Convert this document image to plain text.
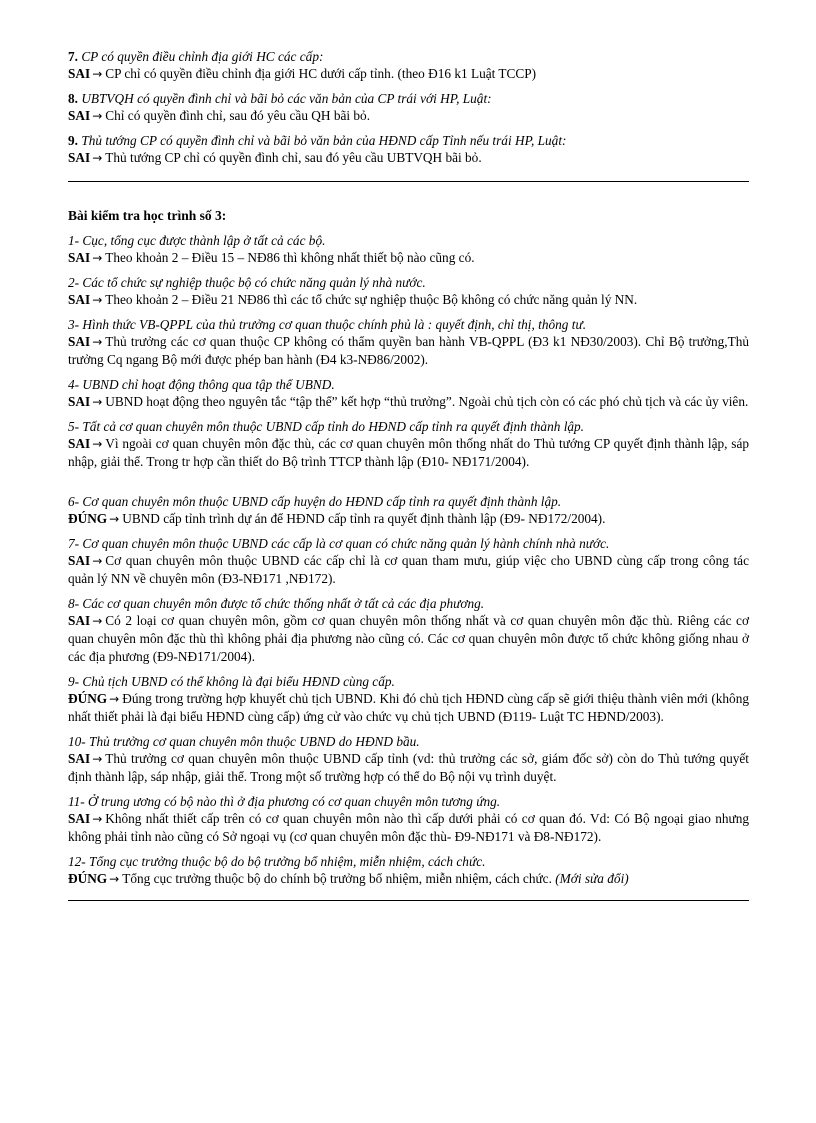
7. CP có quyền điều chỉnh địa giới HC các cấp:
SAI → CP chỉ có quyền điều chỉnh địa giới HC dưới cấp tỉnh. (theo Đ16 k1 Luật TCCP)
8. UBTVQH có quyền đình chỉ và bãi bỏ các văn bản của CP trái với HP, Luật:
SAI → Chỉ có quyền đình chỉ, sau đó yêu cầu QH bãi bỏ.
9. Thủ tướng CP có quyền đình chỉ và bãi bỏ văn bản của HĐND cấp Tỉnh nếu trái HP, Luật:
SAI → Thủ tướng CP chỉ có quyền đình chỉ, sau đó yêu cầu UBTVQH bãi bỏ.
Bài kiểm tra học trình số 3:
1- Cục, tổng cục được thành lập ở tất cả các bộ.
SAI → Theo khoản 2 – Điều 15 – NĐ86 thì không nhất thiết bộ nào cũng có.
2- Các tổ chức sự nghiệp thuộc bộ có chức năng quản lý nhà nước.
SAI → Theo khoản 2 – Điều 21 NĐ86 thì các tổ chức sự nghiệp thuộc Bộ không có chức năng quản lý NN.
3- Hình thức VB-QPPL của thủ trưởng cơ quan thuộc chính phủ là : quyết định, chỉ thị, thông tư.
SAI → Thủ trưởng các cơ quan thuộc CP không có thẩm quyền ban hành VB-QPPL (Đ3 k1 NĐ30/2003). Chỉ Bộ trưởng,Thủ trưởng Cq ngang Bộ mới được phép ban hành (Đ4 k3-NĐ86/2002).
4- UBND chỉ hoạt động thông qua tập thể UBND.
SAI → UBND hoạt động theo nguyên tắc “tập thể” kết hợp “thủ trưởng”. Ngoài chủ tịch còn có các phó chủ tịch và các ủy viên.
5- Tất cả cơ quan chuyên môn thuộc UBND cấp tỉnh do HĐND cấp tỉnh ra quyết định thành lập.
SAI → Vì ngoài cơ quan chuyên môn đặc thù, các cơ quan chuyên môn thống nhất do Thủ tướng CP quyết định thành lập, sáp nhập, giải thể. Trong tr hợp cần thiết do Bộ trình TTCP thành lập (Đ10- NĐ171/2004).
6- Cơ quan chuyên môn thuộc UBND cấp huyện do HĐND cấp tỉnh ra quyết định thành lập.
ĐÚNG → UBND cấp tỉnh trình dự án để HĐND cấp tỉnh ra quyết định thành lập (Đ9- NĐ172/2004).
7- Cơ quan chuyên môn thuộc UBND các cấp là cơ quan có chức năng quản lý hành chính nhà nước.
SAI → Cơ quan chuyên môn thuộc UBND các cấp chỉ là cơ quan tham mưu, giúp việc cho UBND cùng cấp trong công tác quản lý NN về chuyên môn (Đ3-NĐ171 ,NĐ172).
8- Các cơ quan chuyên môn được tổ chức thống nhất ở tất cả các địa phương.
SAI → Có 2 loại cơ quan chuyên môn, gồm cơ quan chuyên môn thống nhất và cơ quan chuyên môn đặc thù. Riêng các cơ quan chuyên môn đặc thù thì không phải địa phương nào cũng có. Các cơ quan chuyên môn được tổ chức không giống nhau ở các địa phương (Đ9-NĐ171/2004).
9- Chủ tịch UBND có thể không là đại biểu HĐND cùng cấp.
ĐÚNG → Đúng trong trường hợp khuyết chủ tịch UBND. Khi đó chủ tịch HĐND cùng cấp sẽ giới thiệu thành viên mới (không nhất thiết phải là đại biểu HĐND cùng cấp) ứng cử vào chức vụ chủ tịch UBND (Đ119- Luật TC HĐND/2003).
10- Thủ trưởng cơ quan chuyên môn thuộc UBND do HĐND bầu.
SAI → Thủ trưởng cơ quan chuyên môn thuộc UBND cấp tỉnh (vd: thủ trưởng các sở, giám đốc sở) còn do Thủ tướng quyết định thành lập, sáp nhập, giải thể. Trong một số trường hợp có thể do Bộ nội vụ trình duyệt.
11- Ở trung ương có bộ nào thì ở địa phương có cơ quan chuyên môn tương ứng.
SAI → Không nhất thiết cấp trên có cơ quan chuyên môn nào thì cấp dưới phải có cơ quan đó. Vd: Có Bộ ngoại giao nhưng không phải tỉnh nào cũng có Sở ngoại vụ (cơ quan chuyên môn đặc thù- Đ9-NĐ171 và Đ8-NĐ172).
12- Tổng cục trưởng thuộc bộ do bộ trưởng bổ nhiệm, miễn nhiệm, cách chức.
ĐÚNG → Tổng cục trưởng thuộc bộ do chính bộ trưởng bổ nhiệm, miễn nhiệm, cách chức. (Mới sửa đổi)
